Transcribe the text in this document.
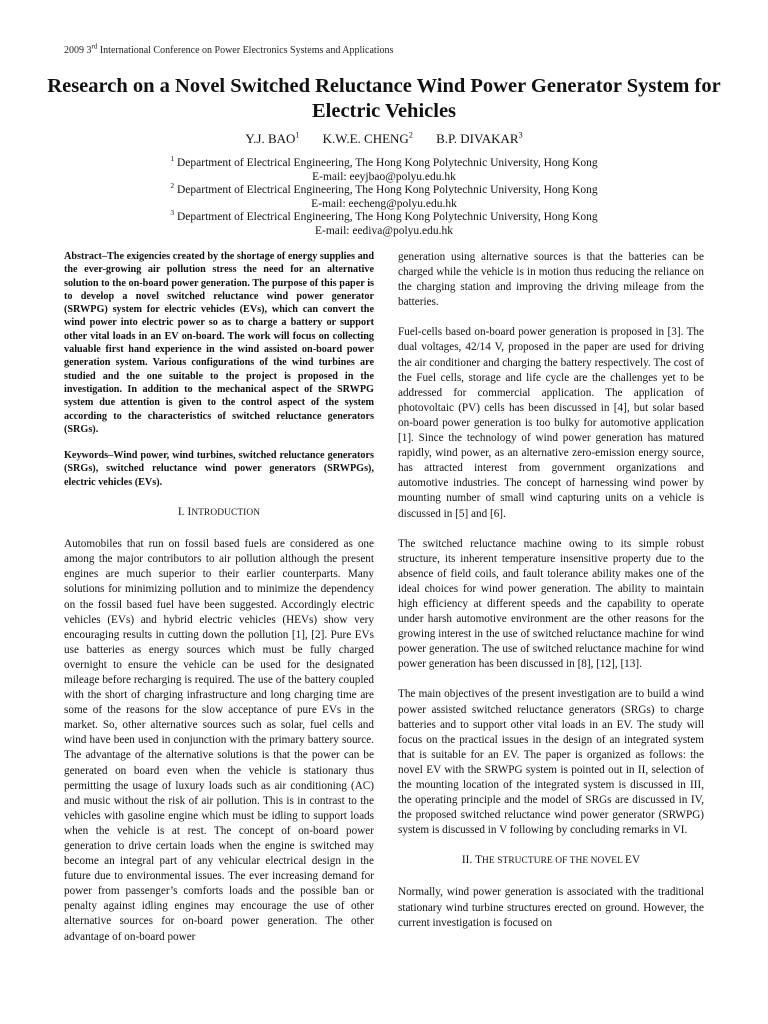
2009 3rd International Conference on Power Electronics Systems and Applications
Research on a Novel Switched Reluctance Wind Power Generator System for Electric Vehicles
Y.J. BAO$^1$ K.W.E. CHENG$^2$ B.P. DIVAKAR$^3$
$^1$ Department of Electrical Engineering, The Hong Kong Polytechnic University, Hong Kong
E-mail: eeyjbao@polyu.edu.hk
$^2$ Department of Electrical Engineering, The Hong Kong Polytechnic University, Hong Kong
E-mail: eecheng@polyu.edu.hk
$^3$ Department of Electrical Engineering, The Hong Kong Polytechnic University, Hong Kong
E-mail: eediva@polyu.edu.hk

Abstract–The exigencies created by the shortage of energy supplies and the ever-growing air pollution stress the need for an alternative solution to the on-board power generation. The purpose of this paper is to develop a novel switched reluctance wind power generator (SRWPG) system for electric vehicles (EVs), which can convert the wind power into electric power so as to charge a battery or support other vital loads in an EV on-board. The work will focus on collecting valuable first hand experience in the wind assisted on-board power generation system. Various configurations of the wind turbines are studied and the one suitable to the project is proposed in the investigation. In addition to the mechanical aspect of the SRWPG system due attention is given to the control aspect of the system according to the characteristics of switched reluctance generators (SRGs).

Keywords–Wind power, wind turbines, switched reluctance generators (SRGs), switched reluctance wind power generators (SRWPGs), electric vehicles (EVs).

I. INTRODUCTION

Automobiles that run on fossil based fuels are considered as one among the major contributors to air pollution although the present engines are much superior to their earlier counterparts. Many solutions for minimizing pollution and to minimize the dependency on the fossil based fuel have been suggested. Accordingly electric vehicles (EVs) and hybrid electric vehicles (HEVs) show very encouraging results in cutting down the pollution [1], [2]. Pure EVs use batteries as energy sources which must be fully charged overnight to ensure the vehicle can be used for the designated mileage before recharging is required. The use of the battery coupled with the short of charging infrastructure and long charging time are some of the reasons for the slow acceptance of pure EVs in the market. So, other alternative sources such as solar, fuel cells and wind have been used in conjunction with the primary battery source. The advantage of the alternative solutions is that the power can be generated on board even when the vehicle is stationary thus permitting the usage of luxury loads such as air conditioning (AC) and music without the risk of air pollution. This is in contrast to the vehicles with gasoline engine which must be idling to support loads when the vehicle is at rest. The concept of on-board power generation to drive certain loads when the engine is switched may become an integral part of any vehicular electrical design in the future due to environmental issues. The ever increasing demand for power from passenger’s comforts loads and the possible ban or penalty against idling engines may encourage the use of other alternative sources for on-board power generation. The other advantage of on-board power

generation using alternative sources is that the batteries can be charged while the vehicle is in motion thus reducing the reliance on the charging station and improving the driving mileage from the batteries.

Fuel-cells based on-board power generation is proposed in [3]. The dual voltages, 42/14 V, proposed in the paper are used for driving the air conditioner and charging the battery respectively. The cost of the Fuel cells, storage and life cycle are the challenges yet to be addressed for commercial application. The application of photovoltaic (PV) cells has been discussed in [4], but solar based on-board power generation is too bulky for automotive application [1]. Since the technology of wind power generation has matured rapidly, wind power, as an alternative zero-emission energy source, has attracted interest from government organizations and automotive industries. The concept of harnessing wind power by mounting number of small wind capturing units on a vehicle is discussed in [5] and [6].

The switched reluctance machine owing to its simple robust structure, its inherent temperature insensitive property due to the absence of field coils, and fault tolerance ability makes one of the ideal choices for wind power generation. The ability to maintain high efficiency at different speeds and the capability to operate under harsh automotive environment are the other reasons for the growing interest in the use of switched reluctance machine for wind power generation. The use of switched reluctance machine for wind power generation has been discussed in [8], [12], [13].

The main objectives of the present investigation are to build a wind power assisted switched reluctance generators (SRGs) to charge batteries and to support other vital loads in an EV. The study will focus on the practical issues in the design of an integrated system that is suitable for an EV. The paper is organized as follows: the novel EV with the SRWPG system is pointed out in II, selection of the mounting location of the integrated system is discussed in III, the operating principle and the model of SRGs are discussed in IV, the proposed switched reluctance wind power generator (SRWPG) system is discussed in V following by concluding remarks in VI.

II. THE STRUCTURE OF THE NOVEL EV

Normally, wind power generation is associated with the traditional stationary wind turbine structures erected on ground. However, the current investigation is focused on
